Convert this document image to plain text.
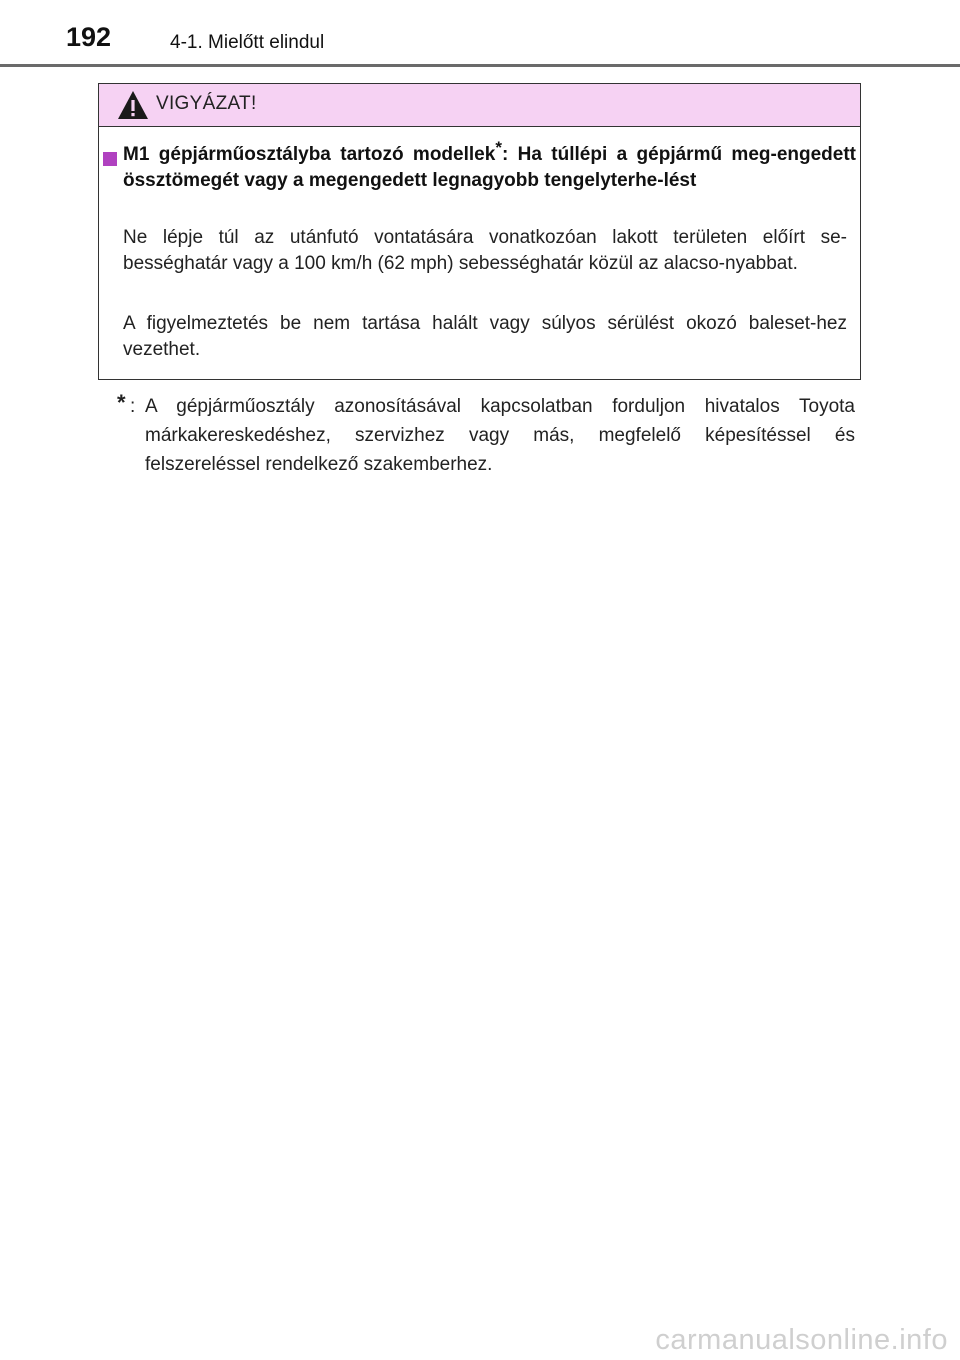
192	4-1. Mielőtt elindul
VIGYÁZAT!
M1 gépjárműosztályba tartozó modellek*: Ha túllépi a gépjármű meg-engedett össztömegét vagy a megengedett legnagyobb tengelyterhe-lést
Ne lépje túl az utánfutó vontatására vonatkozóan lakott területen előírt se-bességhatár vagy a 100 km/h (62 mph) sebességhatár közül az alacso-nyabbat.
A figyelmeztetés be nem tartása halált vagy súlyos sérülést okozó baleset-hez vezethet.
* : A gépjárműosztály azonosításával kapcsolatban forduljon hivatalos Toyota márkakereskedéshez, szervizhez vagy más, megfelelő képesítéssel és felszereléssel rendelkező szakemberhez.
carmanualsonline.info
